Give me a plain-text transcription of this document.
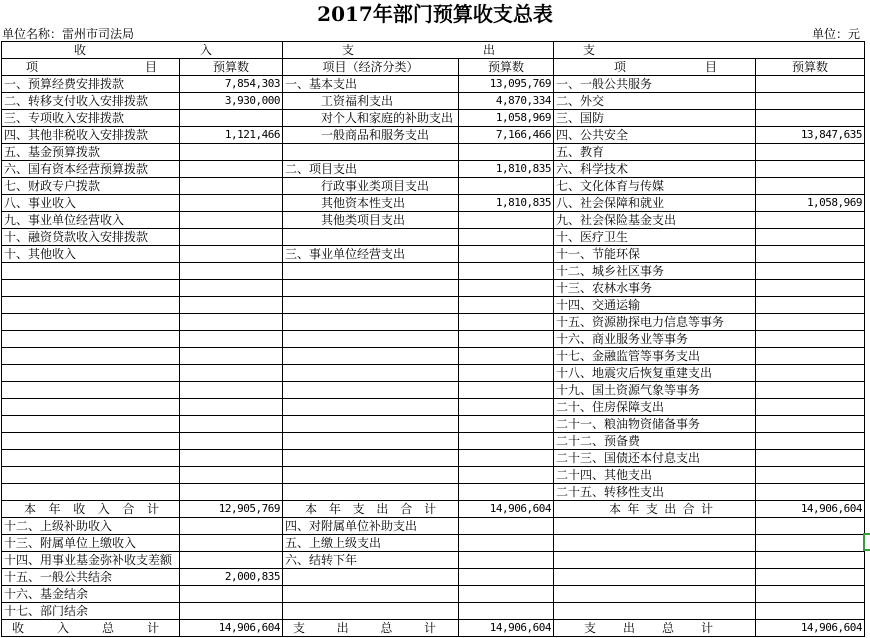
2017年部门预算收支总表
单位名称：雷州市司法局	单位：元
收入		支出		支	
项目	预算数	项目（经济分类）	预算数	项目	预算数
一、预算经费安排拨款	7,854,303	一、基本支出	13,095,769	一、一般公共服务	
二、转移支付收入安排拨款	3,930,000	工资福利支出	4,870,334	二、外交	
三、专项收入安排拨款		对个人和家庭的补助支出	1,058,969	三、国防	
四、其他非税收入安排拨款	1,121,466	一般商品和服务支出	7,166,466	四、公共安全	13,847,635
五、基金预算拨款				五、教育	
六、国有资本经营预算拨款		二、项目支出	1,810,835	六、科学技术	
七、财政专户拨款		行政事业类项目支出		七、文化体育与传媒	
八、事业收入		其他资本性支出	1,810,835	八、社会保障和就业	1,058,969
九、事业单位经营收入		其他类项目支出		九、社会保险基金支出	
十、融资贷款收入安排拨款				十、医疗卫生	
十、其他收入		三、事业单位经营支出		十一、节能环保	
				十二、城乡社区事务	
				十三、农林水事务	
				十四、交通运输	
				十五、资源勘探电力信息等事务	
				十六、商业服务业等事务	
				十七、金融监管等事务支出	
				十八、地震灾后恢复重建支出	
				十九、国土资源气象等事务	
				二十、住房保障支出	
				二十一、粮油物资储备事务	
				二十二、预备费	
				二十三、国债还本付息支出	
				二十四、其他支出	
				二十五、转移性支出	
本年收入合计	12,905,769	本年支出合计	14,906,604	本年支出合计	14,906,604
十二、上级补助收入		四、对附属单位补助支出			
十三、附属单位上缴收入		五、上缴上级支出			
十四、用事业基金弥补收支差额		六、结转下年			
十五、一般公共结余	2,000,835				
十六、基金结余					
十七、部门结余					
收入总计	14,906,604	支出总计	14,906,604	支出总计	14,906,604
